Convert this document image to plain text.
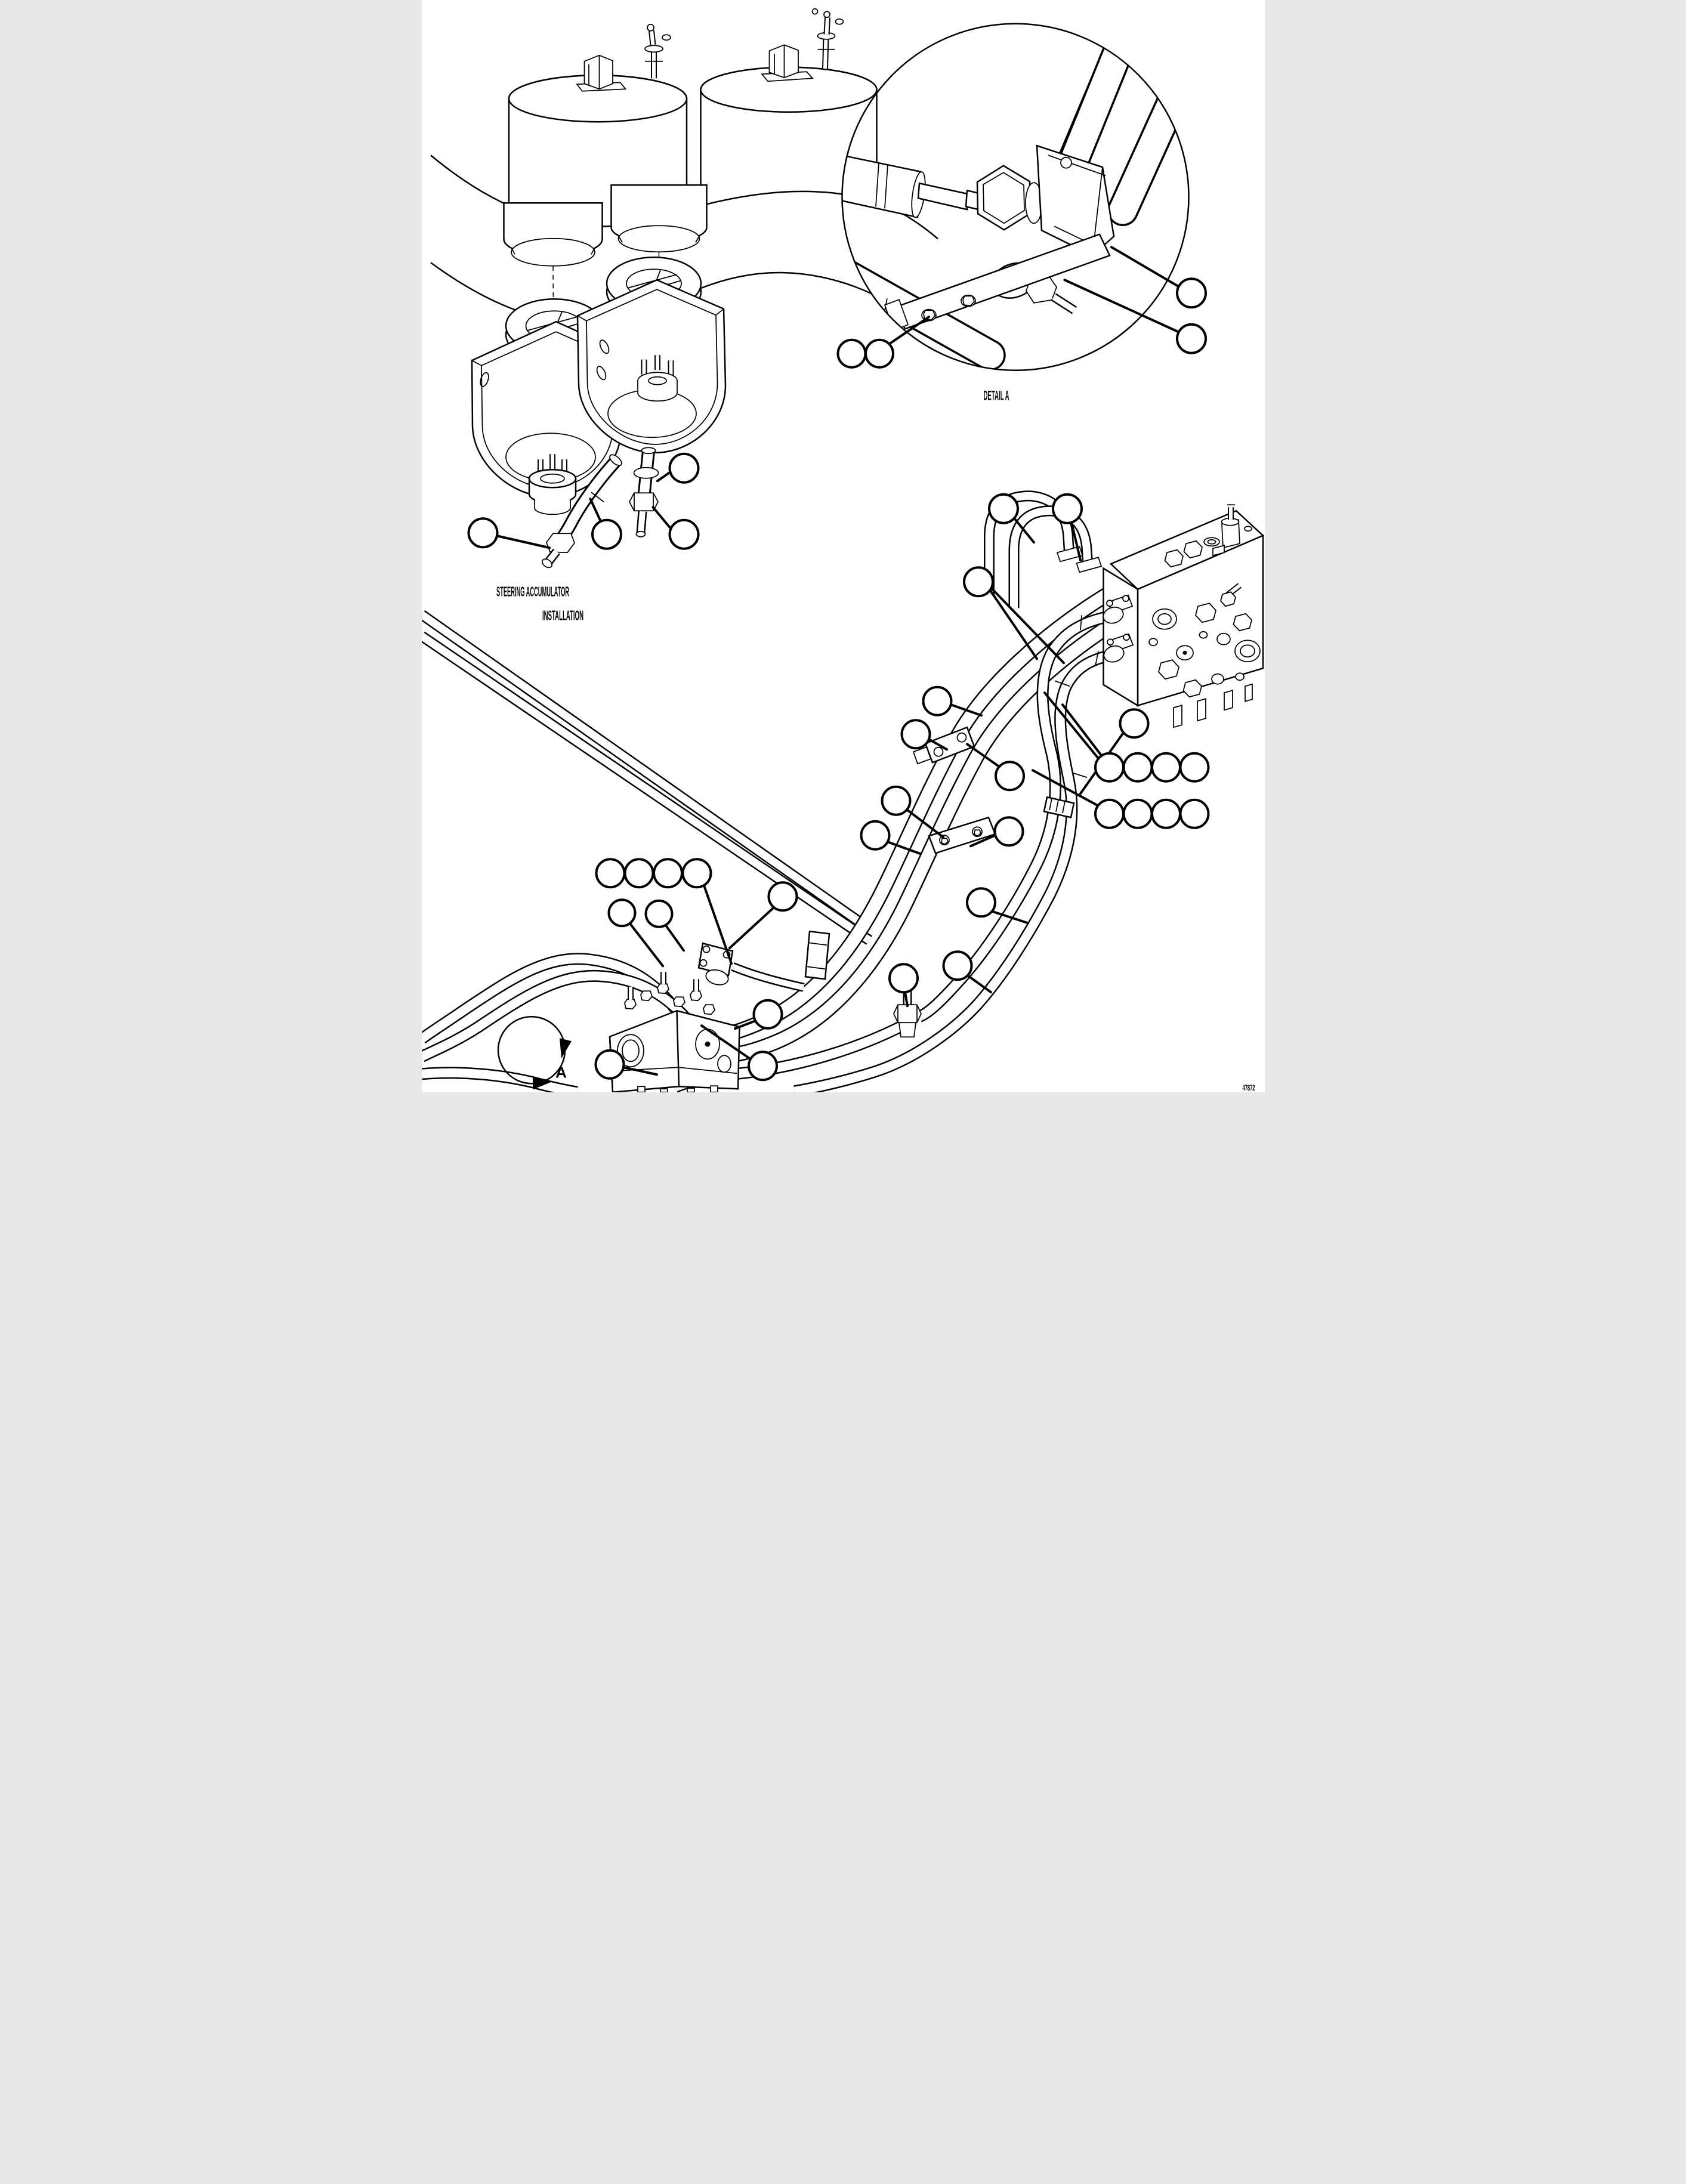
STEERING ACCUMULATOR
INSTALLATION
DETAIL A
A
47872
